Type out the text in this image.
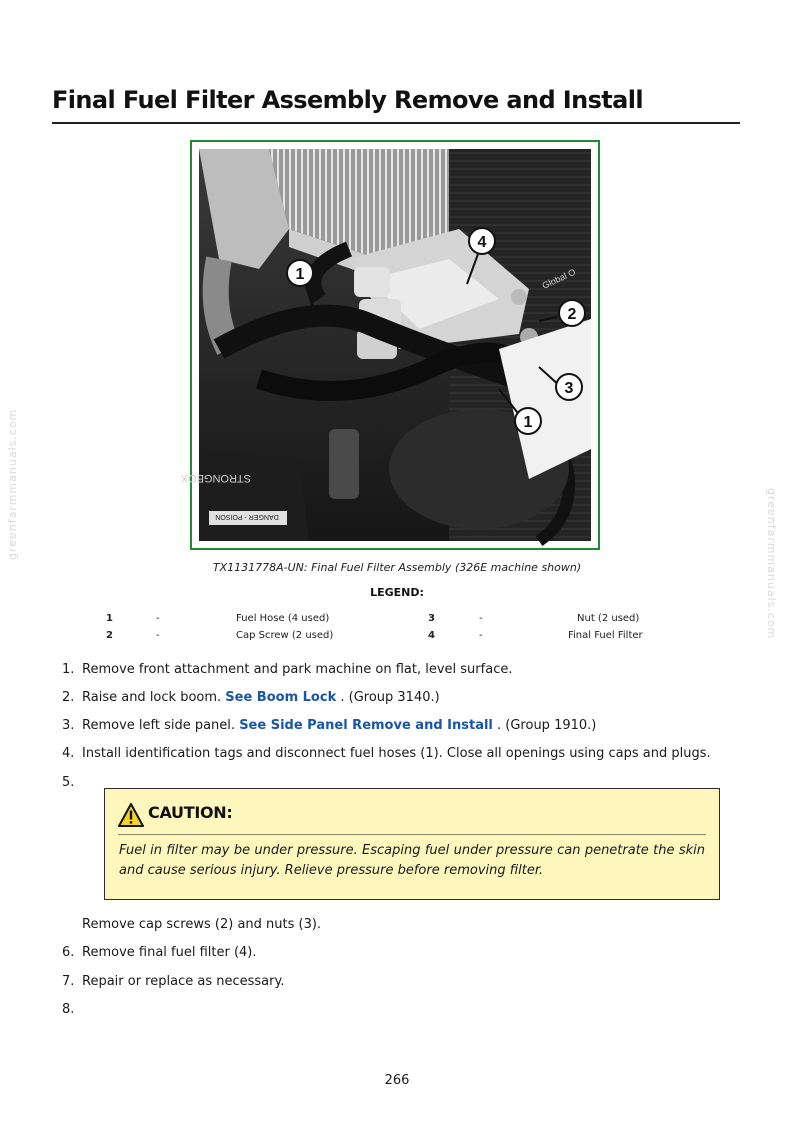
Final Fuel Filter Assembly Remove and Install
STRONGBOX
DANGER - POISON
Global O
1
4
2
3
1
TX1131778A-UN: Final Fuel Filter Assembly (326E machine shown)
LEGEND:
1	-	Fuel Hose (4 used)	3	-	Nut (2 used)
2	-	Cap Screw (2 used)	4	-	Final Fuel Filter
1. Remove front attachment and park machine on flat, level surface.
2. Raise and lock boom. See Boom Lock . (Group 3140.)
3. Remove left side panel. See Side Panel Remove and Install . (Group 1910.)
4. Install identification tags and disconnect fuel hoses (1). Close all openings using caps and plugs.
5.
CAUTION:
Fuel in filter may be under pressure. Escaping fuel under pressure can penetrate the skin and cause serious injury. Relieve pressure before removing filter.
Remove cap screws (2) and nuts (3).
6. Remove final fuel filter (4).
7. Repair or replace as necessary.
8.
266
greenfarmmanuals.com
greenfarmmanuals.com
